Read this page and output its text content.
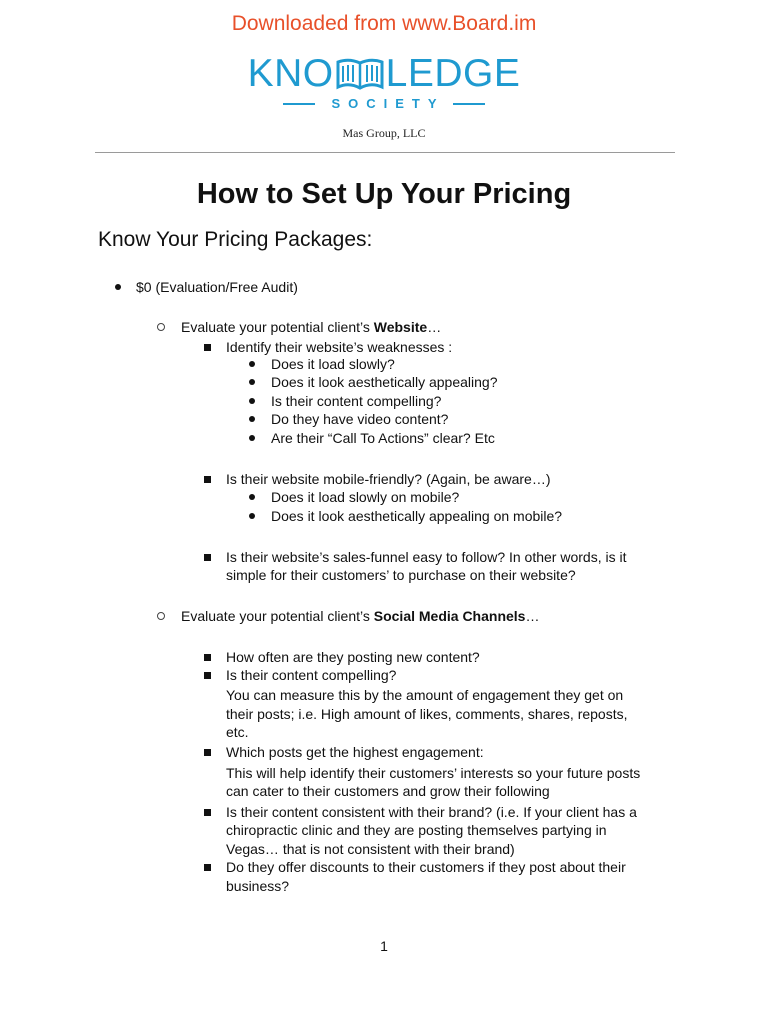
Downloaded from www.Board.im
KNO LEDGE
SOCIETY
Mas Group, LLC
How to Set Up Your Pricing
Know Your Pricing Packages:
$0 (Evaluation/Free Audit)
Evaluate your potential client’s Website…
Identify their website’s weaknesses :
Does it load slowly?
Does it look aesthetically appealing?
Is their content compelling?
Do they have video content?
Are their “Call To Actions” clear? Etc
Is their website mobile-friendly? (Again, be aware…)
Does it load slowly on mobile?
Does it look aesthetically appealing on mobile?
Is their website’s sales-funnel easy to follow? In other words, is it
simple for their customers’ to purchase on their website?
Evaluate your potential client’s Social Media Channels…
How often are they posting new content?
Is their content compelling?
You can measure this by the amount of engagement they get on
their posts; i.e. High amount of likes, comments, shares, reposts,
etc.
Which posts get the highest engagement:
This will help identify their customers’ interests so your future posts
can cater to their customers and grow their following
Is their content consistent with their brand? (i.e. If your client has a
chiropractic clinic and they are posting themselves partying in
Vegas… that is not consistent with their brand)
Do they offer discounts to their customers if they post about their
business?
1
